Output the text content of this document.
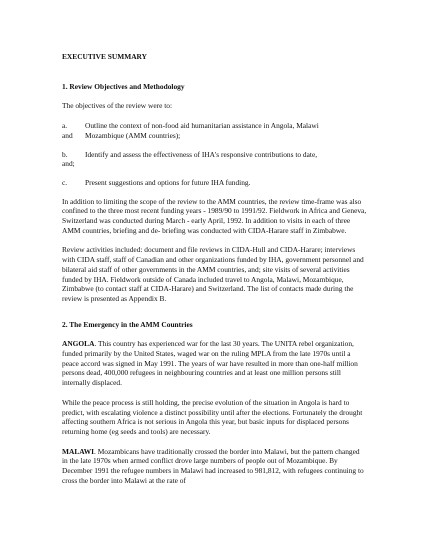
EXECUTIVE SUMMARY
1. Review Objectives and Methodology

The objectives of the review were to:

a.	Outline the context of non-food aid humanitarian assistance in Angola, Malawi
and	Mozambique (AMM countries);
b.	Identify and assess the effectiveness of IHA's responsive contributions to date,
and;
c.	Present suggestions and options for future IHA funding.

In addition to limiting the scope of the review to the AMM countries, the review time-frame was also confined to the three most recent funding years - 1989/90 to 1991/92. Fieldwork in Africa and Geneva, Switzerland was conducted during March - early April, 1992. In addition to visits in each of three AMM countries, briefing and de- briefing was conducted with CIDA-Harare staff in Zimbabwe.

Review activities included: document and file reviews in CIDA-Hull and CIDA-Harare; interviews with CIDA staff, staff of Canadian and other organizations funded by IHA, government personnel and bilateral aid staff of other governments in the AMM countries, and; site visits of several activities funded by IHA. Fieldwork outside of Canada included travel to Angola, Malawi, Mozambique, Zimbabwe (to contact staff at CIDA-Harare) and Switzerland. The list of contacts made during the review is presented as Appendix B.

2. The Emergency in the AMM Countries

ANGOLA. This country has experienced war for the last 30 years. The UNITA rebel organization, funded primarily by the United States, waged war on the ruling MPLA from the late 1970s until a peace accord was signed in May 1991. The years of war have resulted in more than one-half million persons dead, 400,000 refugees in neighbouring countries and at least one million persons still internally displaced.

While the peace process is still holding, the precise evolution of the situation in Angola is hard to predict, with escalating violence a distinct possibility until after the elections. Fortunately the drought affecting southern Africa is not serious in Angola this year, but basic inputs for displaced persons returning home (eg seeds and tools) are necessary.

MALAWI. Mozambicans have traditionally crossed the border into Malawi, but the pattern changed in the late 1970s when armed conflict drove large numbers of people out of Mozambique. By December 1991 the refugee numbers in Malawi had increased to 981,812, with refugees continuing to cross the border into Malawi at the rate of
